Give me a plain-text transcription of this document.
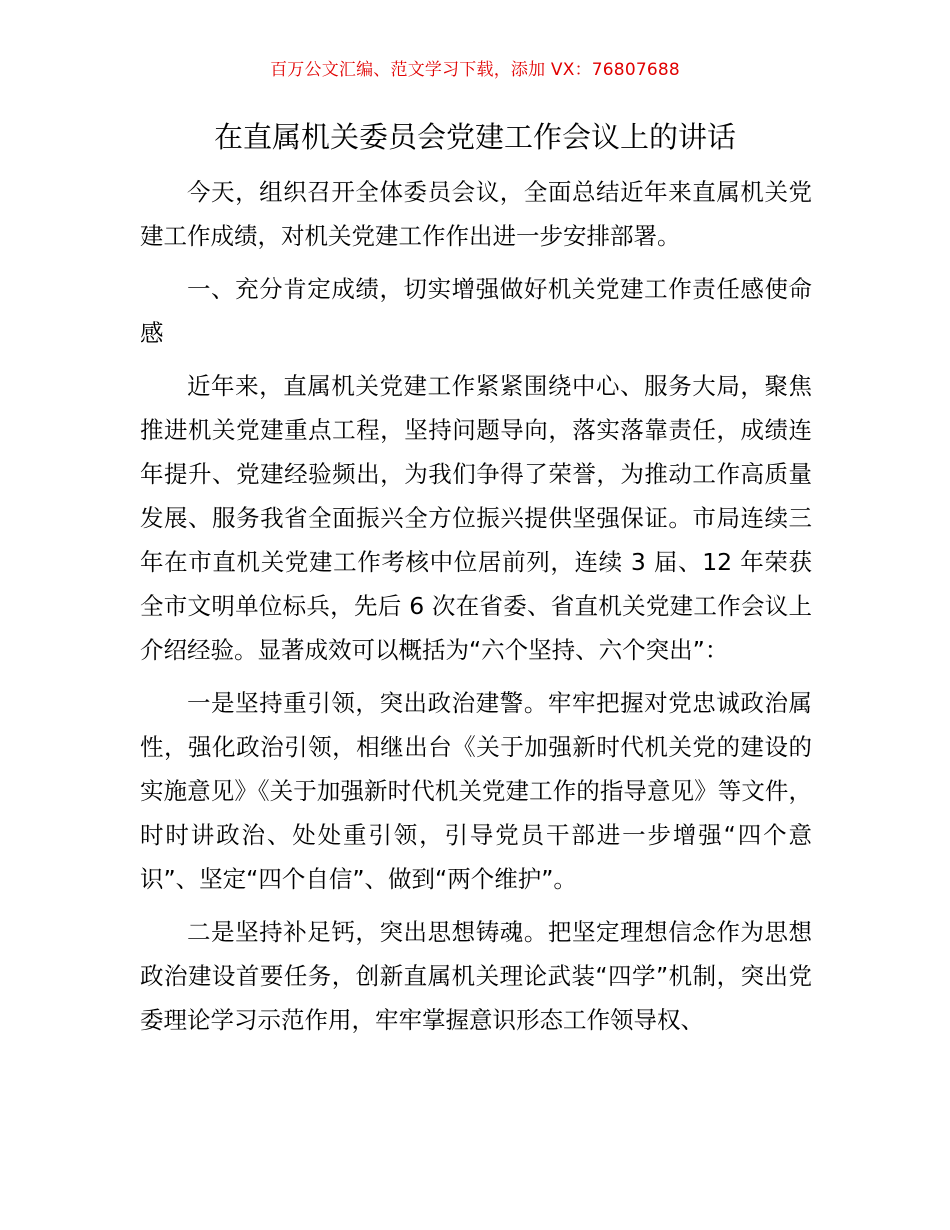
百万公文汇编、范文学习下载，添加 VX：76807688
在直属机关委员会党建工作会议上的讲话

今天，组织召开全体委员会议，全面总结近年来直属机关党建工作成绩，对机关党建工作作出进一步安排部署。

一、充分肯定成绩，切实增强做好机关党建工作责任感使命感

近年来，直属机关党建工作紧紧围绕中心、服务大局，聚焦推进机关党建重点工程，坚持问题导向，落实落靠责任，成绩连年提升、党建经验频出，为我们争得了荣誉，为推动工作高质量发展、服务我省全面振兴全方位振兴提供坚强保证。市局连续三年在市直机关党建工作考核中位居前列，连续 3 届、12 年荣获全市文明单位标兵，先后 6 次在省委、省直机关党建工作会议上介绍经验。显著成效可以概括为“六个坚持、六个突出”：

一是坚持重引领，突出政治建警。牢牢把握对党忠诚政治属性，强化政治引领，相继出台《关于加强新时代机关党的建设的实施意见》《关于加强新时代机关党建工作的指导意见》等文件，时时讲政治、处处重引领，引导党员干部进一步增强“四个意识”、坚定“四个自信”、做到“两个维护”。

二是坚持补足钙，突出思想铸魂。把坚定理想信念作为思想政治建设首要任务，创新直属机关理论武装“四学”机制，突出党委理论学习示范作用，牢牢掌握意识形态工作领导权、
